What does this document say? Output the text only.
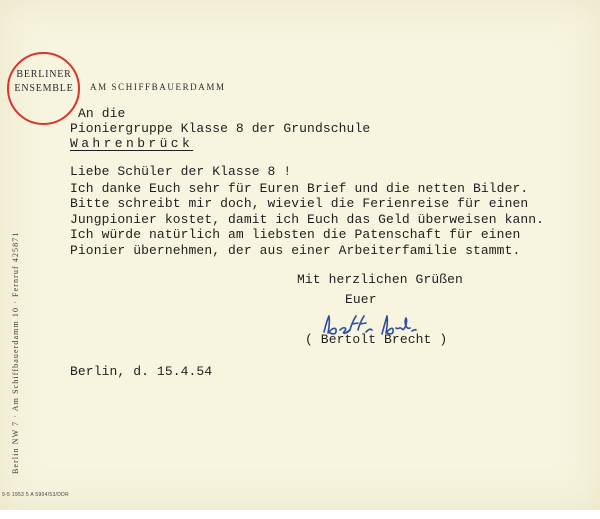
BERLINER
ENSEMBLE AM SCHIFFBAUERDAMM
Berlin NW 7 · Am Schiffbauerdamm 10 · Fernruf 425871
An die
Pioniergruppe Klasse 8 der Grundschule
Wahrenbrück
Liebe Schüler der Klasse 8 !
Ich danke Euch sehr für Euren Brief und die netten Bilder.
Bitte schreibt mir doch, wieviel die Ferienreise für einen
Jungpionier kostet, damit ich Euch das Geld überweisen kann.
Ich würde natürlich am liebsten die Patenschaft für einen
Pionier übernehmen, der aus einer Arbeiterfamilie stammt.
Mit herzlichen Grüßen
Euer
( Bertolt Brecht )
Berlin, d. 15.4.54
9-5 1953 5 A 5904/53/DDR
